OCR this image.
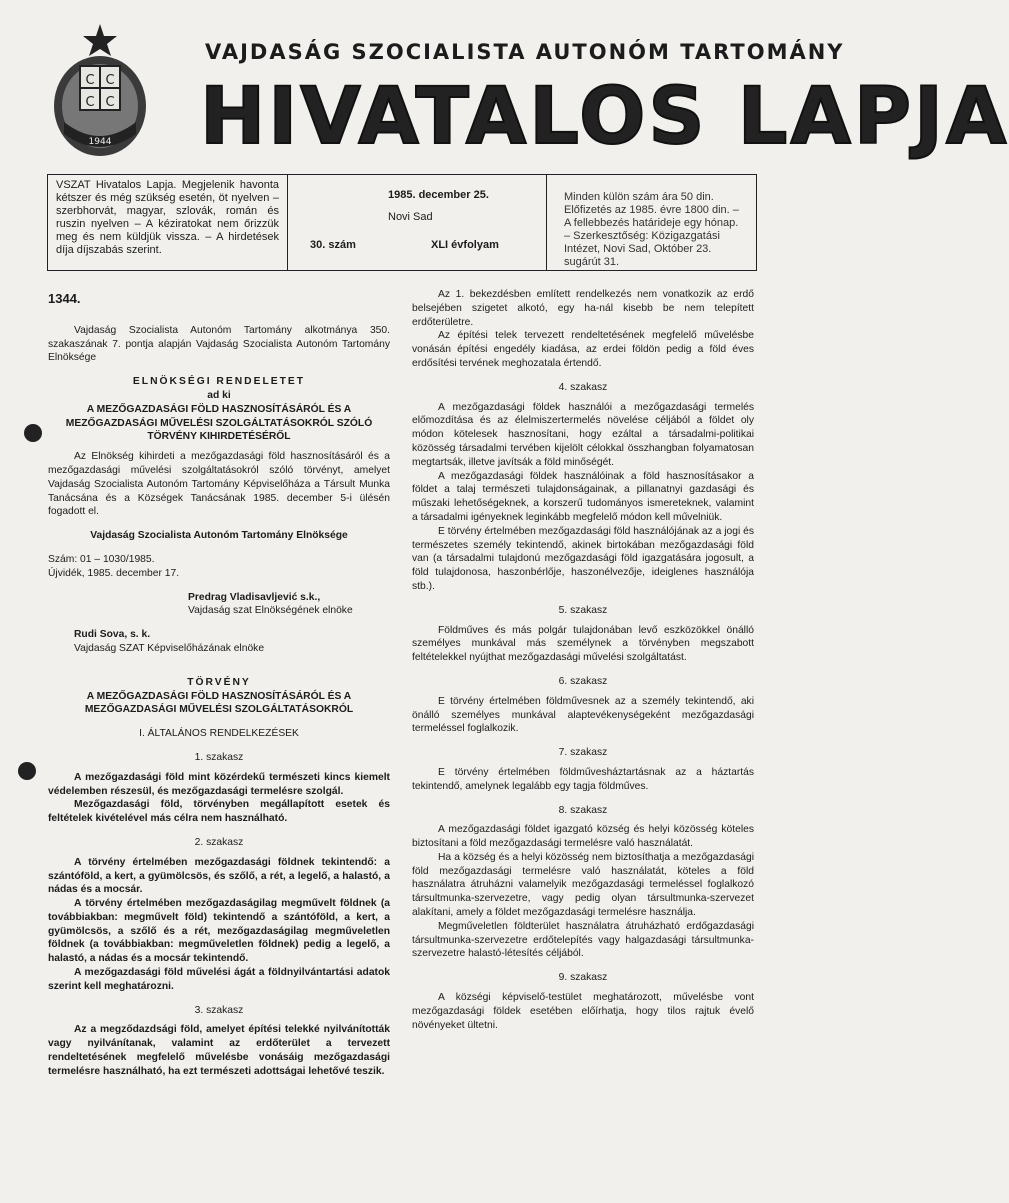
С С
С С
1944
VAJDASÁG SZOCIALISTA AUTONÓM TARTOMÁNY
HIVATALOS LAPJA
VSZAT Hivatalos Lapja. Megjelenik havonta kétszer és még szükség esetén, öt nyelven – szerbhorvát, magyar, szlovák, román és ruszin nyelven – A kéziratokat nem őrizzük meg és nem küldjük vissza. – A hirdetések díja díjszabás szerint.
1985. december 25.
Novi Sad
30. szám	XLI évfolyam
Minden külön szám ára 50 din. Előfizetés az 1985. évre 1800 din. – A fellebbezés határideje egy hónap. – Szerkesztőség: Közigazgatási Intézet, Novi Sad, Október 23. sugárút 31.

1344.

Vajdaság Szocialista Autonóm Tartomány alkotmánya 350. szakaszának 7. pontja alapján Vajdaság Szocialista Autonóm Tartomány Elnöksége

ELNÖKSÉGI RENDELETET

ad ki

A MEZŐGAZDASÁGI FÖLD HASZNOSÍTÁSÁRÓL ÉS A MEZŐGAZDASÁGI MŰVELÉSI SZOLGÁLTATÁSOKRÓL SZÓLÓ TÖRVÉNY KIHIRDETÉSÉRŐL

Az Elnökség kihirdeti a mezőgazdasági föld hasznosításáról és a mezőgazdasági művelési szolgáltatásokról szóló törvényt, amelyet Vajdaság Szocialista Autonóm Tartomány Képviselőháza a Társult Munka Tanácsána és a Községek Tanácsának 1985. december 5-i ülésén fogadott el.

Vajdaság Szocialista Autonóm Tartomány Elnöksége

Szám: 01 – 1030/1985.

Újvidék, 1985. december 17.

Predrag Vladisavljević s.k.,

Vajdaság szat Elnökségének elnöke

Rudi Sova, s. k.

Vajdaság SZAT Képviselőházának elnöke

TÖRVÉNY

A MEZŐGAZDASÁGI FÖLD HASZNOSÍTÁSÁRÓL ÉS A MEZŐGAZDASÁGI MŰVELÉSI SZOLGÁLTATÁSOKRÓL

I. ÁLTALÁNOS RENDELKEZÉSEK

1. szakasz

A mezőgazdasági föld mint közérdekű természeti kincs kiemelt védelemben részesül, és mezőgazdasági termelésre szolgál.

Mezőgazdasági föld, törvényben megállapított esetek és feltételek kivételével más célra nem használható.

2. szakasz

A törvény értelmében mezőgazdasági földnek tekintendő: a szántóföld, a kert, a gyümölcsös, és szőlő, a rét, a legelő, a halastó, a nádas és a mocsár.

A törvény értelmében mezőgazdaságilag megművelt földnek (a továbbiakban: megművelt föld) tekintendő a szántóföld, a kert, a gyümölcsös, a szőlő és a rét, mezőgazdaságilag megműveletlen földnek (a továbbiakban: megműveletlen földnek) pedig a legelő, a halastó, a nádas és a mocsár tekintendő.

A mezőgazdasági föld művelési ágát a földnyilvántartási adatok szerint kell meghatározni.

3. szakasz

Az a megződazdsági föld, amelyet építési telekké nyilvánították vagy nyilvánítanak, valamint az erdőterület a tervezett rendeltetésének megfelelő művelésbe vonásáig mezőgazdasági termelésre használható, ha ezt természeti adottságai lehetővé teszik.

Az 1. bekezdésben említett rendelkezés nem vonatkozik az erdő belsejében szigetet alkotó, egy ha-nál kisebb be nem telepített erdőterületre.

Az építési telek tervezett rendeltetésének megfelelő művelésbe vonásán építési engedély kiadása, az erdei földön pedig a föld éves erdősítési tervének meghozatala értendő.

4. szakasz

A mezőgazdasági földek használói a mezőgazdasági termelés előmozdítása és az élelmiszertermelés növelése céljából a földet oly módon kötelesek hasznosítani, hogy ezáltal a társadalmi-politikai közösség társadalmi tervében kijelölt célokkal összhangban folyamatosan megtartsák, illetve javítsák a föld minőségét.

A mezőgazdasági földek használóinak a föld hasznosításakor a földet a talaj természeti tulajdonságainak, a pillanatnyi gazdasági és műszaki lehetőségeknek, a korszerű tudományos ismereteknek, valamint a társadalmi igényeknek leginkább megfelelő módon kell művelniük.

E törvény értelmében mezőgazdasági föld használójának az a jogi és természetes személy tekintendő, akinek birtokában mezőgazdasági föld van (a társadalmi tulajdonú mezőgazdasági föld igazgatására jogosult, a föld tulajdonosa, haszonbérlője, haszonélvezője, ideiglenes használója stb.).

5. szakasz

Földműves és más polgár tulajdonában levő eszközökkel önálló személyes munkával más személynek a törvényben megszabott feltételekkel nyújthat mezőgazdasági művelési szolgáltatást.

6. szakasz

E törvény értelmében földművesnek az a személy tekintendő, aki önálló személyes munkával alaptevékenységeként mezőgazdasági termeléssel foglalkozik.

7. szakasz

E törvény értelmében földművesháztartásnak az a háztartás tekintendő, amelynek legalább egy tagja földműves.

8. szakasz

A mezőgazdasági földet igazgató község és helyi közösség köteles biztosítani a föld mezőgazdasági termelésre való használatát.

Ha a község és a helyi közösség nem biztosíthatja a mezőgazdasági föld mezőgazdasági termelésre való használatát, köteles a föld használatra átruházni valamelyik mezőgazdasági termeléssel foglalkozó társultmunka-szervezetre, vagy pedig olyan társultmunka-szervezet alakítani, amely a földet mezőgazdasági termelésre használja.

Megműveletlen földterület használatra átruházható erdőgazdasági társultmunka-szervezetre erdőtelepítés vagy halgazdasági társultmunka-szervezetre halastó-létesítés céljából.

9. szakasz

A községi képviselő-testület meghatározott, művelésbe vont mezőgazdasági földek esetében előírhatja, hogy tilos rajtuk évelő növényeket ültetni.
